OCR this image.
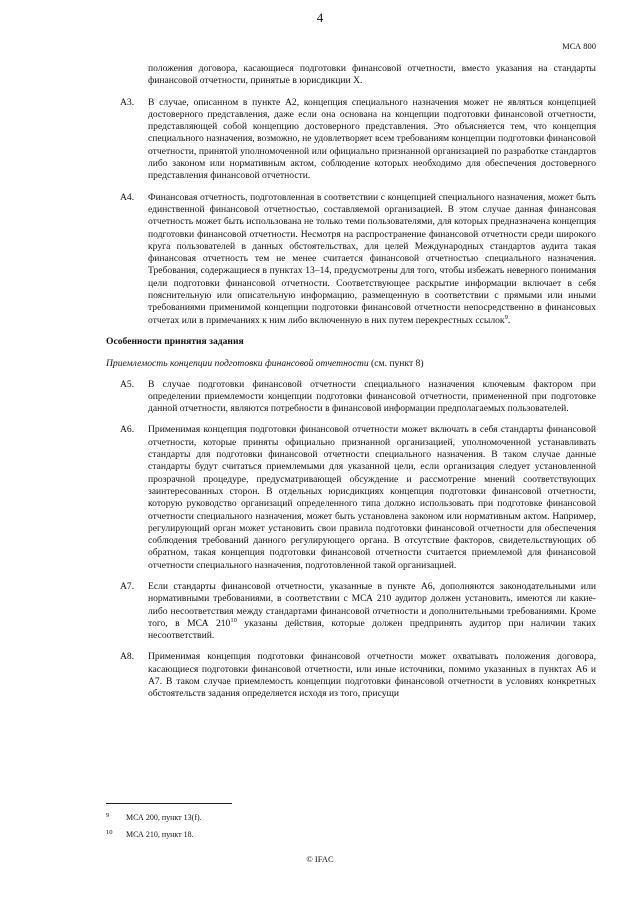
4
МСА 800
положения договора, касающиеся подготовки финансовой отчетности, вместо указания на стандарты финансовой отчетности, принятые в юрисдикции X.
A3. В случае, описанном в пункте A2, концепция специального назначения может не являться концепцией достоверного представления, даже если она основана на концепции подготовки финансовой отчетности, представляющей собой концепцию достоверного представления. Это объясняется тем, что концепция специального назначения, возможно, не удовлетворяет всем требованиям концепции подготовки финансовой отчетности, принятой уполномоченной или официально признанной организацией по разработке стандартов либо законом или нормативным актом, соблюдение которых необходимо для обеспечения достоверного представления финансовой отчетности.
A4. Финансовая отчетность, подготовленная в соответствии с концепцией специального назначения, может быть единственной финансовой отчетностью, составляемой организацией. В этом случае данная финансовая отчетность может быть использована не только теми пользователями, для которых предназначена концепция подготовки финансовой отчетности. Несмотря на распространение финансовой отчетности среди широкого круга пользователей в данных обстоятельствах, для целей Международных стандартов аудита такая финансовая отчетность тем не менее считается финансовой отчетностью специального назначения. Требования, содержащиеся в пунктах 13–14, предусмотрены для того, чтобы избежать неверного понимания цели подготовки финансовой отчетности. Соответствующее раскрытие информации включает в себя пояснительную или описательную информацию, размещенную в соответствии с прямыми или иными требованиями применимой концепции подготовки финансовой отчетности непосредственно в финансовых отчетах или в примечаниях к ним либо включенную в них путем перекрестных ссылок$^9$.
Особенности принятия задания
Приемлемость концепции подготовки финансовой отчетности (см. пункт 8)
A5. В случае подготовки финансовой отчетности специального назначения ключевым фактором при определении приемлемости концепции подготовки финансовой отчетности, примененной при подготовке данной отчетности, являются потребности в финансовой информации предполагаемых пользователей.
A6. Применимая концепция подготовки финансовой отчетности может включать в себя стандарты финансовой отчетности, которые приняты официально признанной организацией, уполномоченной устанавливать стандарты для подготовки финансовой отчетности специального назначения. В таком случае данные стандарты будут считаться приемлемыми для указанной цели, если организация следует установленной прозрачной процедуре, предусматривающей обсуждение и рассмотрение мнений соответствующих заинтересованных сторон. В отдельных юрисдикциях концепция подготовки финансовой отчетности, которую руководство организаций определенного типа должно использовать при подготовке финансовой отчетности специального назначения, может быть установлена законом или нормативным актом. Например, регулирующий орган может установить свои правила подготовки финансовой отчетности для обеспечения соблюдения требований данного регулирующего органа. В отсутствие факторов, свидетельствующих об обратном, такая концепция подготовки финансовой отчетности считается приемлемой для финансовой отчетности специального назначения, подготовленной такой организацией.
A7. Если стандарты финансовой отчетности, указанные в пункте A6, дополняются законодательными или нормативными требованиями, в соответствии с МСА 210 аудитор должен установить, имеются ли какие-либо несоответствия между стандартами финансовой отчетности и дополнительными требованиями. Кроме того, в МСА $210^{10}$ указаны действия, которые должен предпринять аудитор при наличии таких несоответствий.
A8. Применимая концепция подготовки финансовой отчетности может охватывать положения договора, касающиеся подготовки финансовой отчетности, или иные источники, помимо указанных в пунктах A6 и A7. В таком случае приемлемость концепции подготовки финансовой отчетности в условиях конкретных обстоятельств задания определяется исходя из того, присущи
9 МСА 200, пункт 13(f).
10 МСА 210, пункт 18.
© IFAC
